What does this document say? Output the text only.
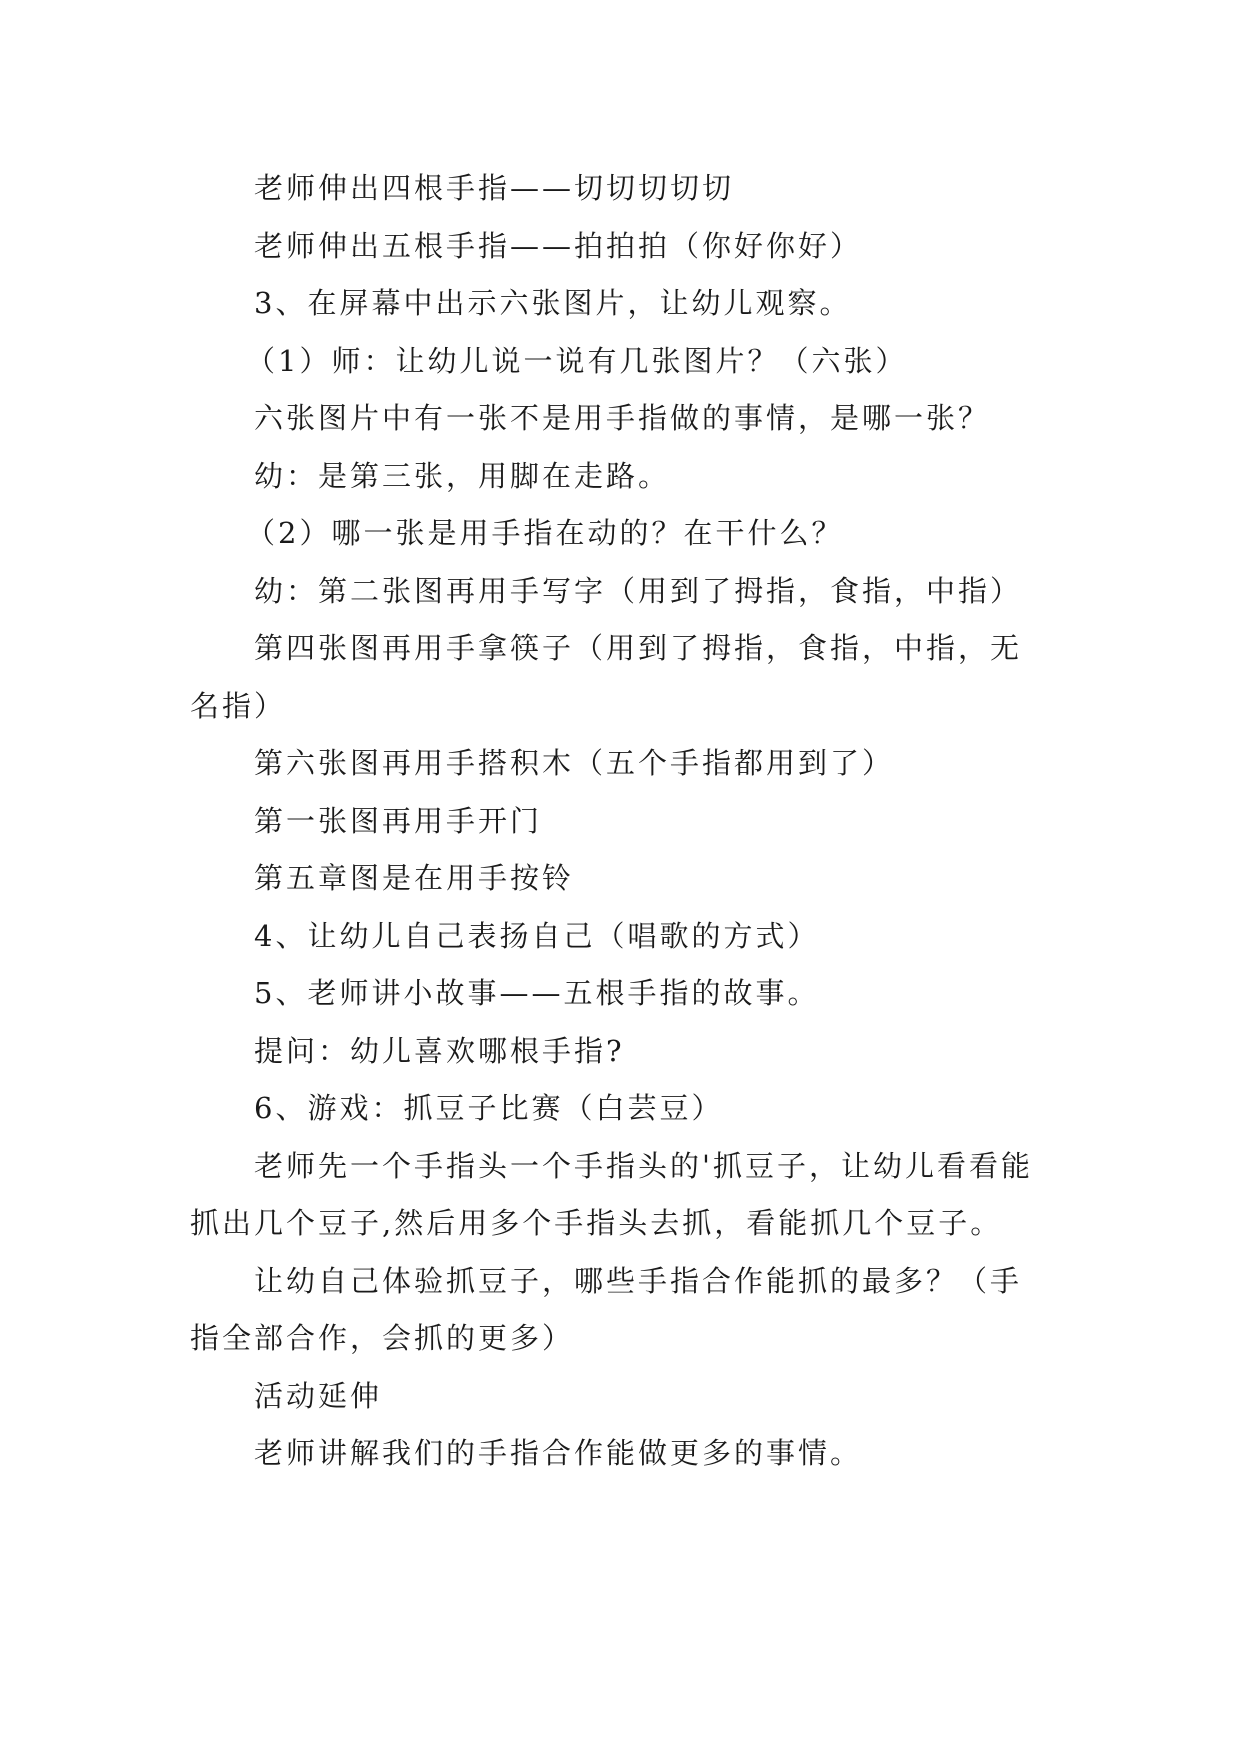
老师伸出四根手指——切切切切切

老师伸出五根手指——拍拍拍（你好你好）

3、在屏幕中出示六张图片，让幼儿观察。

（1）师：让幼儿说一说有几张图片？（六张）

六张图片中有一张不是用手指做的事情，是哪一张？

幼：是第三张，用脚在走路。

（2）哪一张是用手指在动的？在干什么？

幼：第二张图再用手写字（用到了拇指，食指，中指）

第四张图再用手拿筷子（用到了拇指，食指，中指，无名指）

第六张图再用手搭积木（五个手指都用到了）

第一张图再用手开门

第五章图是在用手按铃

4、让幼儿自己表扬自己（唱歌的方式）

5、老师讲小故事——五根手指的故事。

提问：幼儿喜欢哪根手指?

6、游戏：抓豆子比赛（白芸豆）

老师先一个手指头一个手指头的'抓豆子，让幼儿看看能抓出几个豆子,然后用多个手指头去抓，看能抓几个豆子。

让幼自己体验抓豆子，哪些手指合作能抓的最多？（手指全部合作，会抓的更多）

活动延伸

老师讲解我们的手指合作能做更多的事情。
